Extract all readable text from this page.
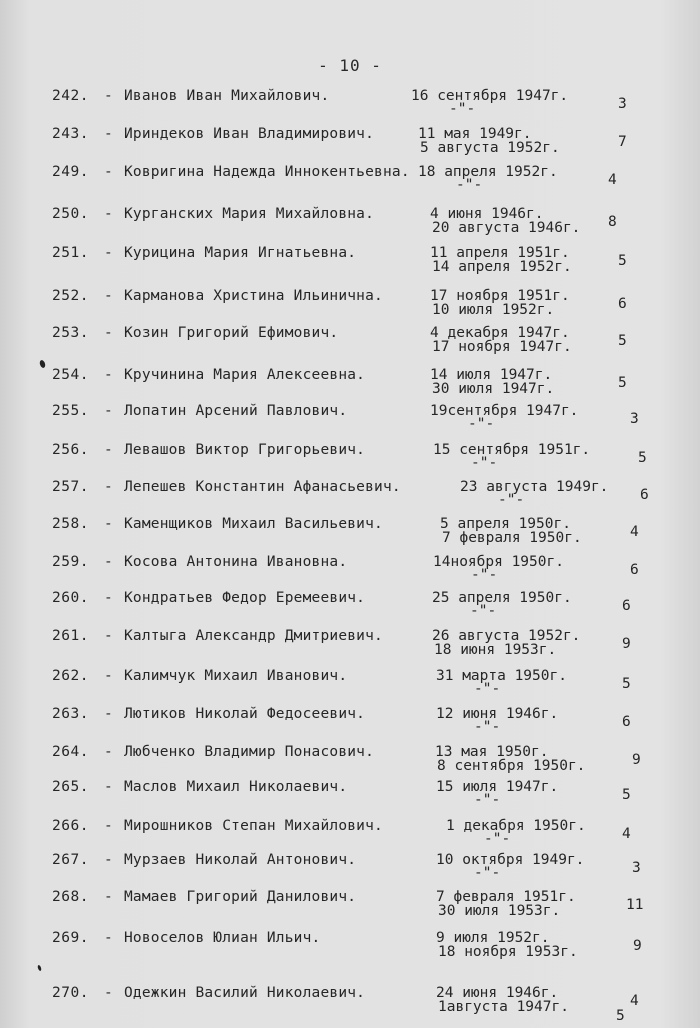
- 10 -
242. - Иванов Иван Михайлович.	16 сентября 1947г.
-"-	3
243. - Ириндеков Иван Владимирович.	11 мая 1949г.
5 августа 1952г.	7
249. - Ковригина Надежда Иннокентьевна. 18 апреля 1952г.
-"-	4
250. - Курганских Мария Михайловна.	4 июня 1946г.
20 августа 1946г. 8
251. - Курицина Мария Игнатьевна.	11 апреля 1951г.
14 апреля 1952г.	5
252. - Карманова Христина Ильинична.	17 ноября 1951г.
10 июля 1952г.	6
253. - Козин Григорий Ефимович.	4 декабря 1947г.
17 ноября 1947г.	5
254. - Кручинина Мария Алексеевна.	14 июля 1947г.
30 июля 1947г.	5
255. - Лопатин Арсений Павлович.	19сентября 1947г.
-"-	3
256. - Левашов Виктор Григорьевич.	15 сентября 1951г.
-"-	5
257. - Лепешев Константин Афанасьевич.	23 августа 1949г.
-"-	6
258. - Каменщиков Михаил Васильевич.	5 апреля 1950г.
7 февраля 1950г.	4
259. - Косова Антонина Ивановна.	14ноября 1950г.
-"-	6
260. - Кондратьев Федор Еремеевич.	25 апреля 1950г.
-"-	6
261. - Калтыга Александр Дмитриевич.	26 августа 1952г.
18 июня 1953г.	9
262. - Калимчук Михаил Иванович.	31 марта 1950г.
-"-	5
263. - Лютиков Николай Федосеевич.	12 июня 1946г.
-"-	6
264. - Любченко Владимир Понасович.	13 мая 1950г.
8 сентября 1950г.	9
265. - Маслов Михаил Николаевич.	15 июля 1947г.
-"-	5
266. - Мирошников Степан Михайлович.	1 декабря 1950г.
-"-	4
267. - Мурзаев Николай Антонович.	10 октября 1949г.
-"-	3
268. - Мамаев Григорий Данилович.	7 февраля 1951г.
30 июля 1953г.	11
269. - Новоселов Юлиан Ильич.	9 июля 1952г.
18 ноября 1953г.	9
270. - Одежкин Василий Николаевич.	24 июня 1946г.
1августа 1947г.	4
5
